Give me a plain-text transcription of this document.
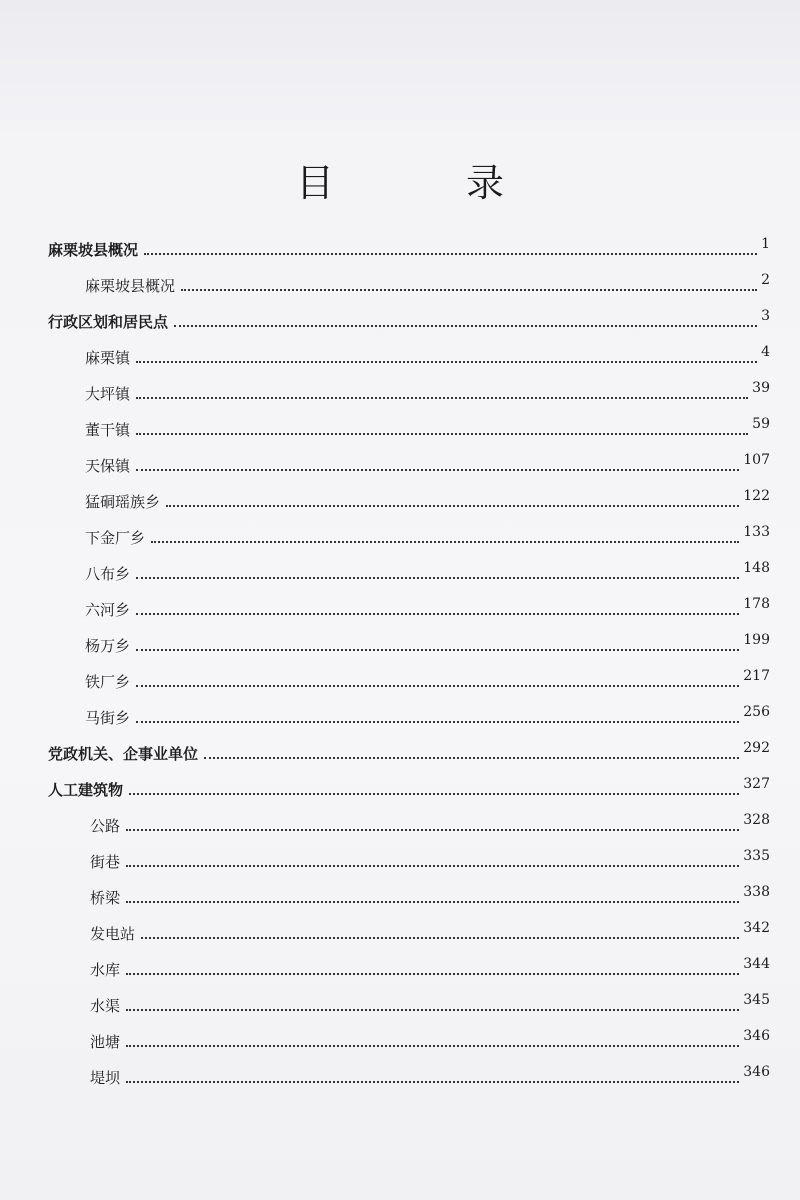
目 录
麻栗坡县概况	1
麻栗坡县概况	2
行政区划和居民点	3
麻栗镇	4
大坪镇	39
董干镇	59
天保镇	107
猛硐瑶族乡	122
下金厂乡	133
八布乡	148
六河乡	178
杨万乡	199
铁厂乡	217
马街乡	256
党政机关、企事业单位	292
人工建筑物	327
公路	328
街巷	335
桥梁	338
发电站	342
水库	344
水渠	345
池塘	346
堤坝	346
